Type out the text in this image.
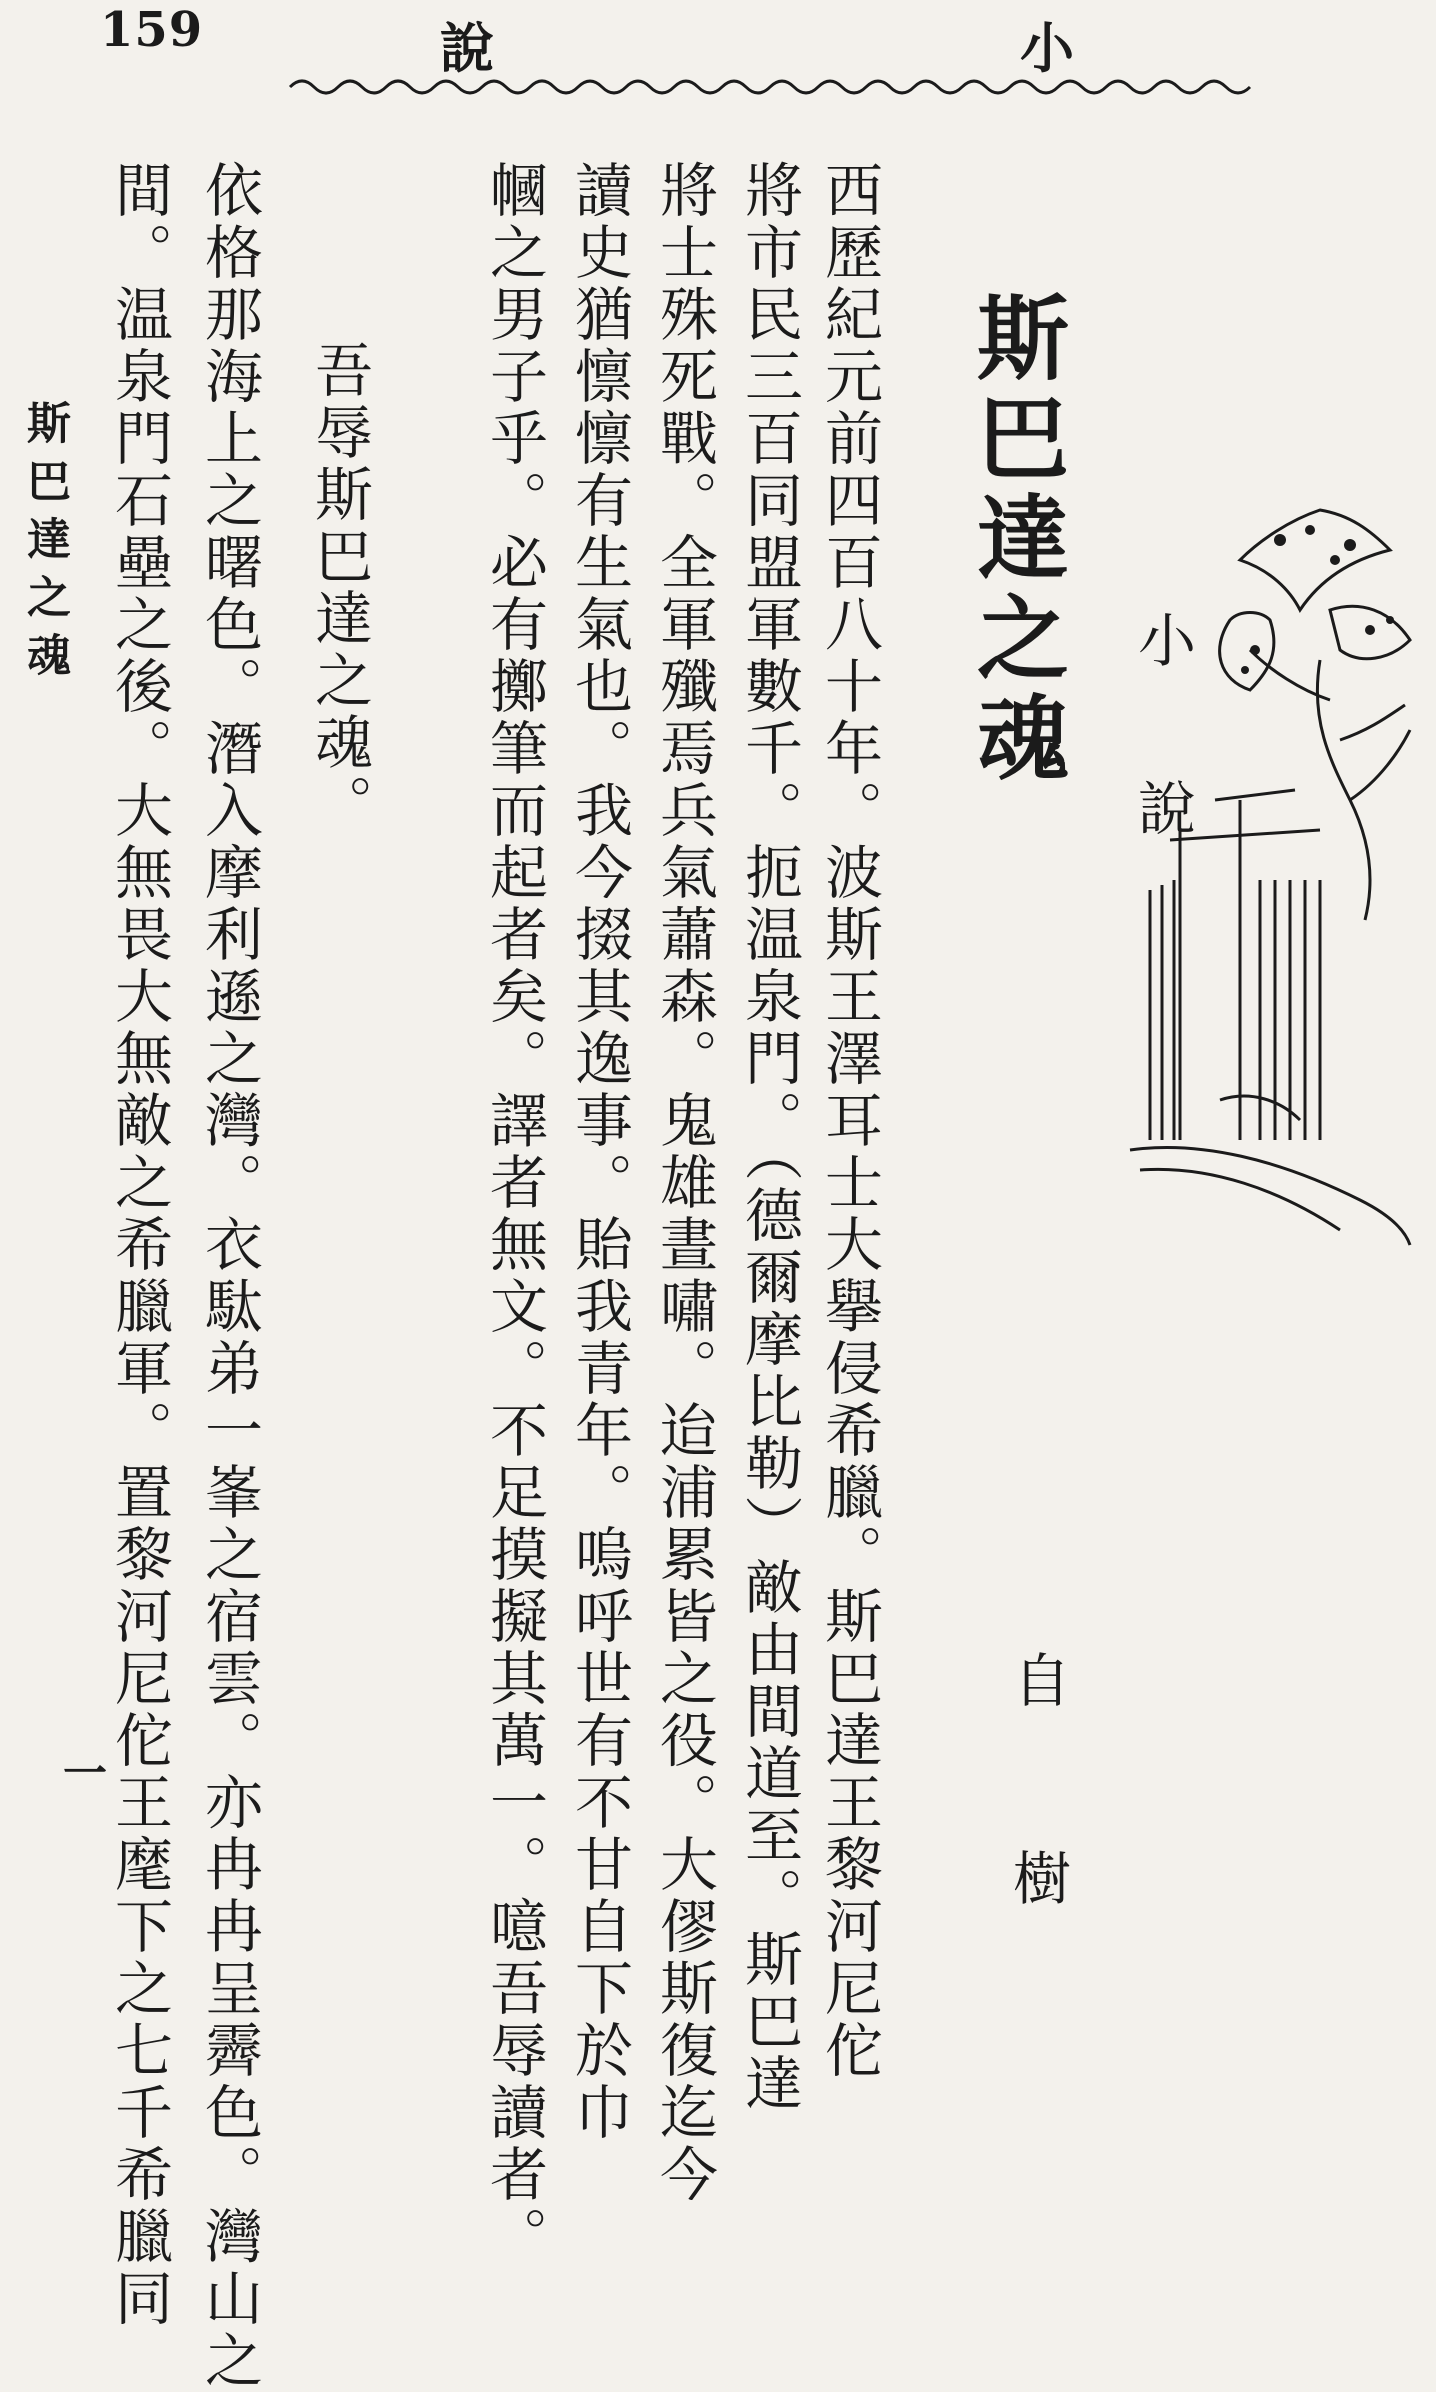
159	說	小
小說
斯巴達之魂
自樹
西歷紀元前四百八十年。波斯王澤耳士大擧侵希臘。斯巴達王黎河尼佗
將市民三百同盟軍數千。扼温泉門。（德爾摩比勒）敵由間道至。斯巴達
將士殊死戰。全軍殲焉兵氣蕭森。鬼雄晝嘯。迨浦累皆之役。大僇斯復迄今
讀史猶懔懔有生氣也。我今掇其逸事。貽我青年。嗚呼世有不甘自下於巾
幗之男子乎。必有擲筆而起者矣。譯者無文。不足摸擬其萬一。噫吾辱讀者。
吾辱斯巴達之魂。
依格那海上之曙色。潛入摩利遜之灣。衣駄弟一峯之宿雲。亦冉冉呈霽色。灣山之
間。温泉門石壘之後。大無畏大無敵之希臘軍。置黎河尼佗王麾下之七千希臘同
斯巴達之魂
一
